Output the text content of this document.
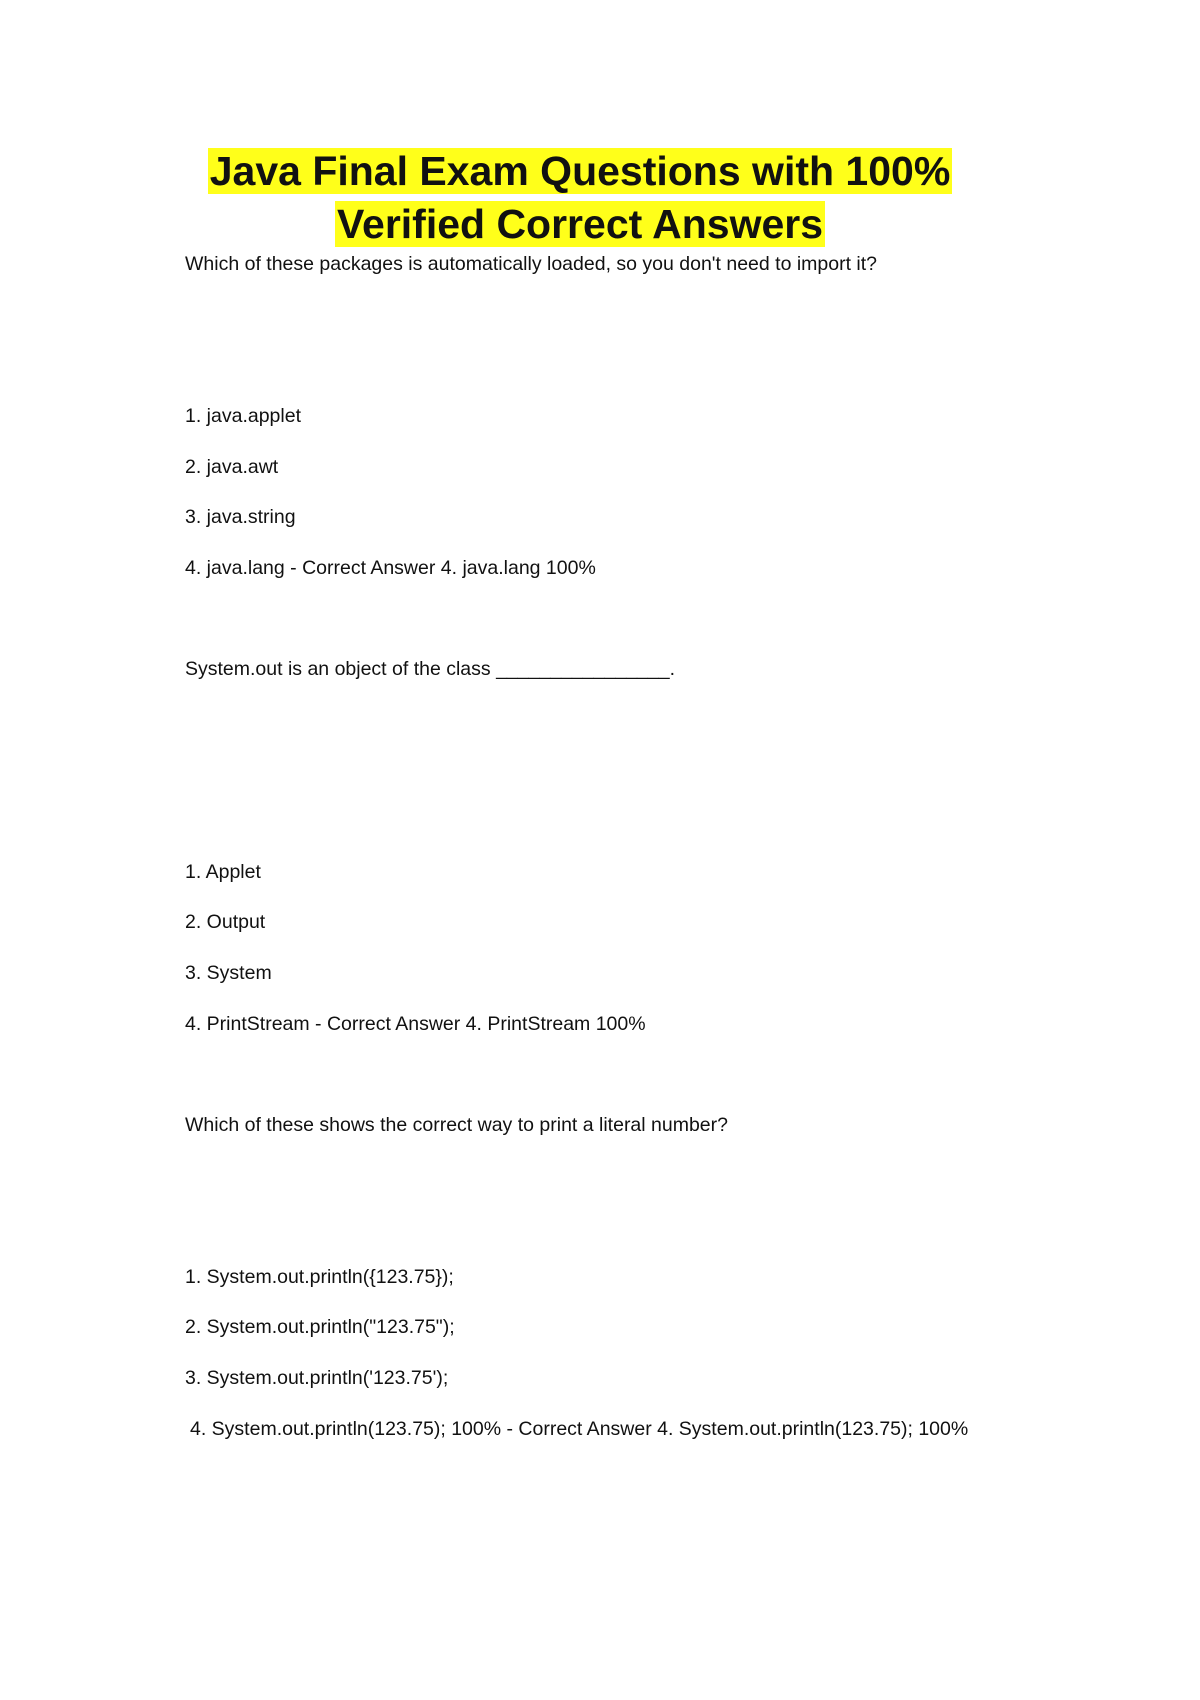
Java Final Exam Questions with 100%
Verified Correct Answers

Which of these packages is automatically loaded, so you don't need to import it?

1. java.applet

2. java.awt

3. java.string

4. java.lang - Correct Answer 4. java.lang 100%

System.out is an object of the class ________________.

1. Applet

2. Output

3. System

4. PrintStream - Correct Answer 4. PrintStream 100%

Which of these shows the correct way to print a literal number?

1. System.out.println({123.75});

2. System.out.println("123.75");

3. System.out.println('123.75');

4. System.out.println(123.75); 100% - Correct Answer 4. System.out.println(123.75); 100%
